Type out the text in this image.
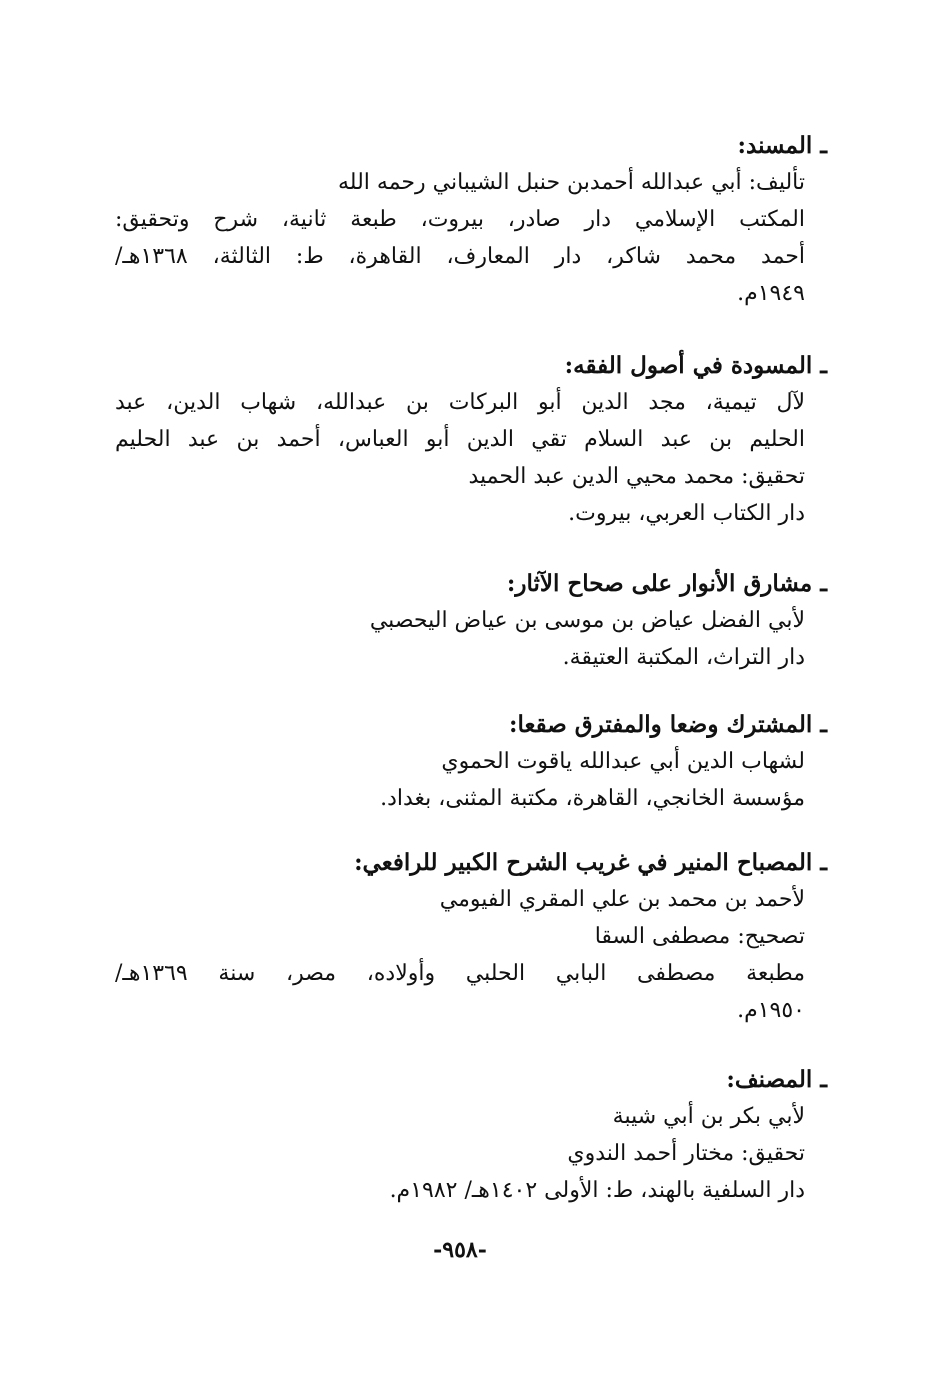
ـ المسند:
تأليف: أبي عبدالله أحمدبن حنبل الشيباني رحمه الله
المكتب الإسلامي دار صادر، بيروت، طبعة ثانية، شرح وتحقيق:
أحمد محمد شاكر، دار المعارف، القاهرة، ط: الثالثة، ١٣٦٨هـ/
١٩٤٩م.
ـ المسودة في أصول الفقه:
لآل تيمية، مجد الدين أبو البركات بن عبدالله، شهاب الدين، عبد
الحليم بن عبد السلام تقي الدين أبو العباس، أحمد بن عبد الحليم
تحقيق: محمد محيي الدين عبد الحميد
دار الكتاب العربي، بيروت.
ـ مشارق الأنوار على صحاح الآثار:
لأبي الفضل عياض بن موسى بن عياض اليحصبي
دار التراث، المكتبة العتيقة.
ـ المشترك وضعا والمفترق صقعا:
لشهاب الدين أبي عبدالله ياقوت الحموي
مؤسسة الخانجي، القاهرة، مكتبة المثنى، بغداد.
ـ المصباح المنير في غريب الشرح الكبير للرافعي:
لأحمد بن محمد بن علي المقري الفيومي
تصحيح: مصطفى السقا
مطبعة مصطفى البابي الحلبي وأولاده، مصر، سنة ١٣٦٩هـ/
١٩٥٠م.
ـ المصنف:
لأبي بكر بن أبي شيبة
تحقيق: مختار أحمد الندوي
دار السلفية بالهند، ط: الأولى ١٤٠٢هـ/ ١٩٨٢م.
-٩٥٨-
